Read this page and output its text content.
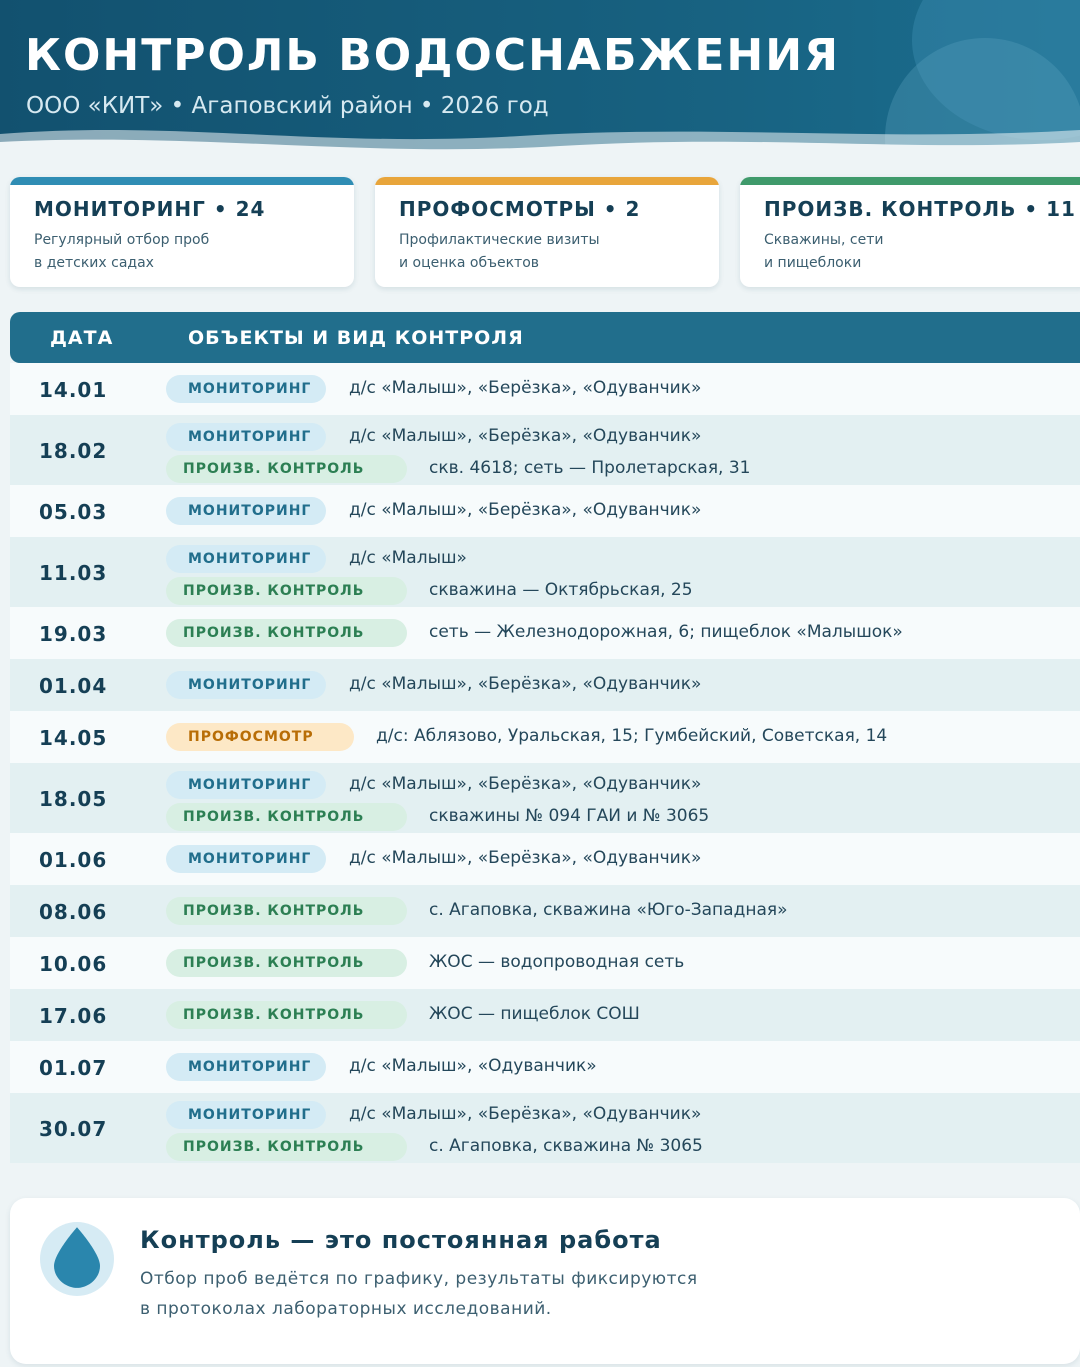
КОНТРОЛЬ ВОДОСНАБЖЕНИЯ
ООО «КИТ» • Агаповский район • 2026 год
МОНИТОРИНГ • 24
Регулярный отбор проб
в детских садах
ПРОФОСМОТРЫ • 2
Профилактические визиты
и оценка объектов
ПРОИЗВ. КОНТРОЛЬ • 11
Скважины, сети
и пищеблоки
ДАТА	ОБЪЕКТЫ И ВИД КОНТРОЛЯ
14.01	МОНИТОРИНГ	д/с «Малыш», «Берёзка», «Одуванчик»
18.02
МОНИТОРИНГ	д/с «Малыш», «Берёзка», «Одуванчик»
ПРОИЗВ. КОНТРОЛЬ	скв. 4618; сеть — Пролетарская, 31
05.03	МОНИТОРИНГ	д/с «Малыш», «Берёзка», «Одуванчик»
11.03
МОНИТОРИНГ	д/с «Малыш»
ПРОИЗВ. КОНТРОЛЬ	скважина — Октябрьская, 25
19.03	ПРОИЗВ. КОНТРОЛЬ	сеть — Железнодорожная, 6; пищеблок «Малышок»
01.04	МОНИТОРИНГ	д/с «Малыш», «Берёзка», «Одуванчик»
14.05	ПРОФОСМОТР	д/с: Аблязово, Уральская, 15; Гумбейский, Советская, 14
18.05
МОНИТОРИНГ	д/с «Малыш», «Берёзка», «Одуванчик»
ПРОИЗВ. КОНТРОЛЬ	скважины № 094 ГАИ и № 3065
01.06	МОНИТОРИНГ	д/с «Малыш», «Берёзка», «Одуванчик»
08.06	ПРОИЗВ. КОНТРОЛЬ	с. Агаповка, скважина «Юго-Западная»
10.06	ПРОИЗВ. КОНТРОЛЬ	ЖОС — водопроводная сеть
17.06	ПРОИЗВ. КОНТРОЛЬ	ЖОС — пищеблок СОШ
01.07	МОНИТОРИНГ	д/с «Малыш», «Одуванчик»
30.07
МОНИТОРИНГ	д/с «Малыш», «Берёзка», «Одуванчик»
ПРОИЗВ. КОНТРОЛЬ	с. Агаповка, скважина № 3065
Контроль — это постоянная работа
Отбор проб ведётся по графику, результаты фиксируются
в протоколах лабораторных исследований.
